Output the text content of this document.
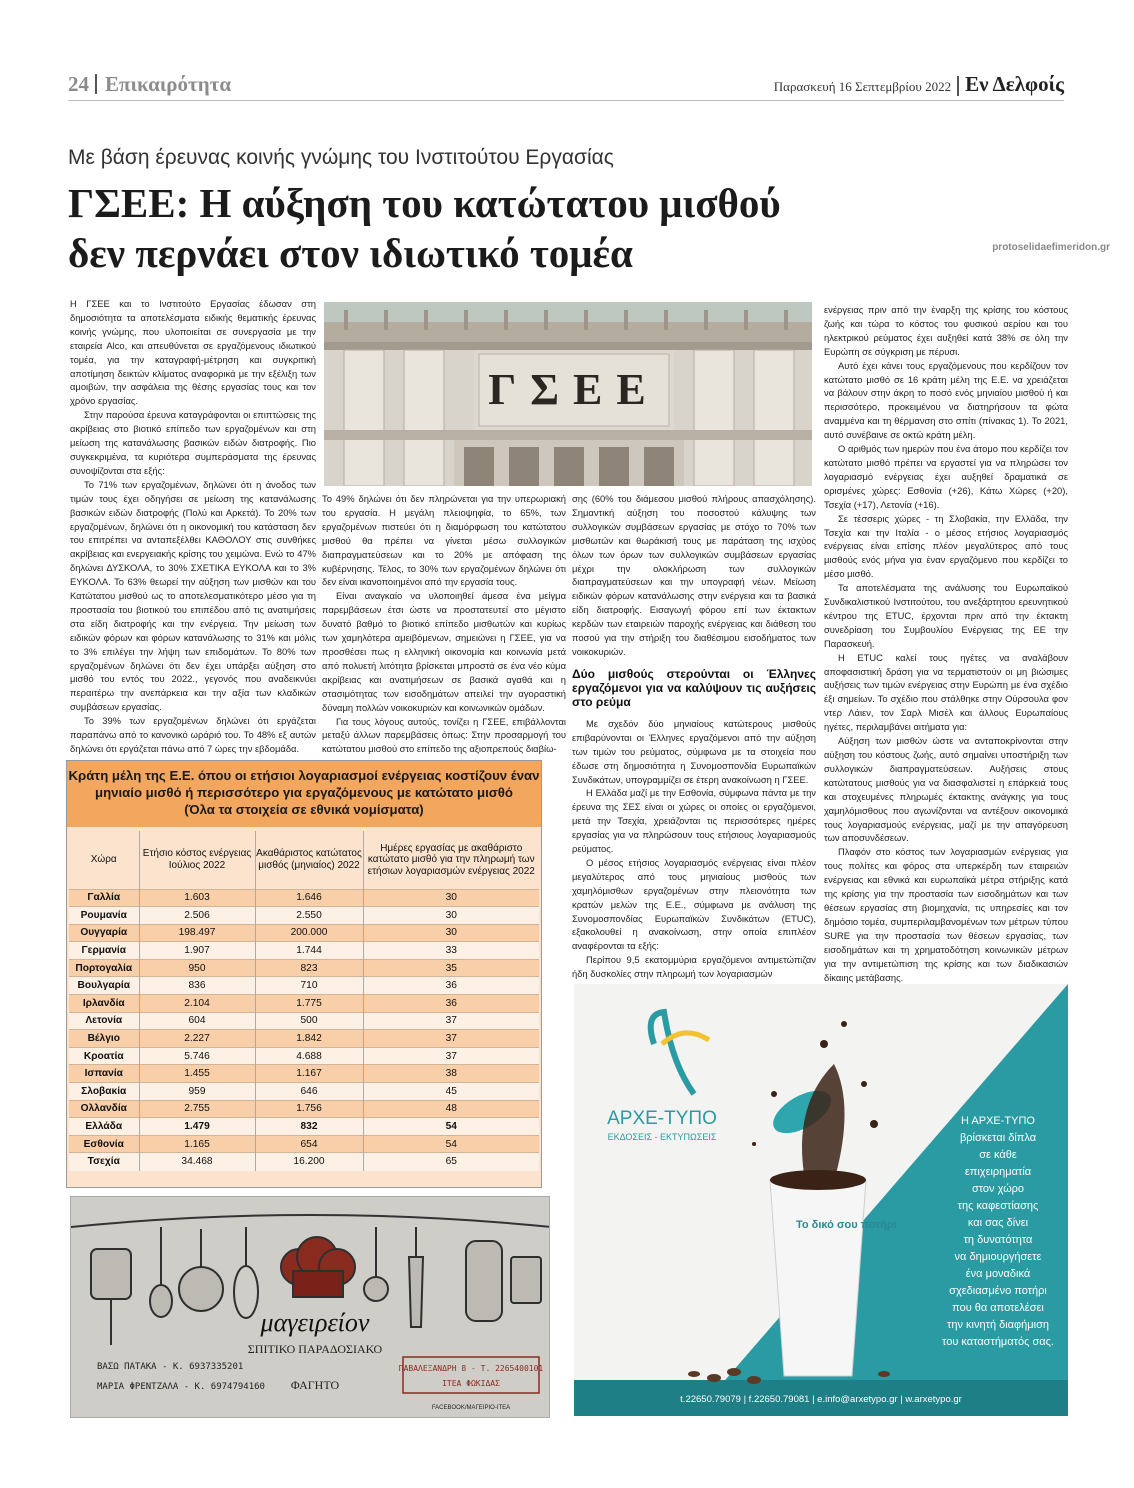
24 Επικαιρότητα	Παρασκευή 16 Σεπτεμβρίου 2022 Εν Δελφοίς
Με βάση έρευνας κοινής γνώμης του Ινστιτούτου Εργασίας
ΓΣΕΕ: Η αύξηση του κατώτατου μισθού
δεν περνάει στον ιδιωτικό τομέα	protoselidaefimeridon.gr

Η ΓΣΕΕ και το Ινστιτούτο Εργασίας έδωσαν στη δημοσιότητα τα αποτελέσματα ειδικής θεματικής έρευνας κοινής γνώμης, που υλοποιείται σε συνεργασία με την εταιρεία Alco, και απευθύνεται σε εργαζόμενους ιδιωτικού τομέα, για την καταγραφή-μέτρηση και συγκριτική αποτίμηση δεικτών κλίματος αναφορικά με την εξέλιξη των αμοιβών, την ασφάλεια της θέσης εργασίας τους και τον χρόνο εργασίας.

Στην παρούσα έρευνα καταγράφονται οι επιπτώσεις της ακρίβειας στο βιοτικό επίπεδο των εργαζομένων και στη μείωση της κατανάλωσης βασικών ειδών διατροφής. Πιο συγκεκριμένα, τα κυριότερα συμπεράσματα της έρευνας συνοψίζονται στα εξής:

Το 71% των εργαζομένων, δηλώνει ότι η άνοδος των τιμών τους έχει οδηγήσει σε μείωση της κατανάλωσης βασικών ειδών διατροφής (Πολύ και Αρκετά). Το 20% των εργαζομένων, δηλώνει ότι η οικονομική του κατάσταση δεν του επιτρέπει να ανταπεξέλθει ΚΑΘΟΛΟΥ στις συνθήκες ακρίβειας και ενεργειακής κρίσης του χειμώνα. Ενώ το 47% δηλώνει ΔΥΣΚΟΛΑ, το 30% ΣΧΕΤΙΚΑ ΕΥΚΟΛΑ και το 3% ΕΥΚΟΛΑ. Το 63% θεωρεί την αύξηση των μισθών και του Κατώτατου μισθού ως το αποτελεσματικότερο μέσο για τη προστασία του βιοτικού του επιπέδου από τις ανατιμήσεις στα είδη διατροφής και την ενέργεια. Την μείωση των ειδικών φόρων και φόρων κατανάλωσης το 31% και μόλις το 3% επιλέγει την λήψη των επιδομάτων. Το 80% των εργαζομένων δηλώνει ότι δεν έχει υπάρξει αύξηση στο μισθό του εντός του 2022., γεγονός που αναδεικνύει περαιτέρω την ανεπάρκεια και την αξία των κλαδικών συμβάσεων εργασίας.

Το 39% των εργαζομένων δηλώνει ότι εργάζεται παραπάνω από το κανονικό ωράριό του. Το 48% εξ αυτών δηλώνει ότι εργάζεται πάνω από 7 ώρες την εβδομάδα.

ΓΣΕΕ

Το 49% δηλώνει ότι δεν πληρώνεται για την υπερωριακή του εργασία. Η μεγάλη πλειοψηφία, το 65%, των εργαζομένων πιστεύει ότι η διαμόρφωση του κατώτατου μισθού θα πρέπει να γίνεται μέσω συλλογικών διαπραγματεύσεων και το 20% με απόφαση της κυβέρνησης. Τέλος, το 30% των εργαζομένων δηλώνει ότι δεν είναι ικανοποιημένοι από την εργασία τους.

Είναι αναγκαίο να υλοποιηθεί άμεσα ένα μείγμα παρεμβάσεων έτσι ώστε να προστατευτεί στο μέγιστο δυνατό βαθμό το βιοτικό επίπεδο μισθωτών και κυρίως των χαμηλότερα αμειβόμενων, σημειώνει η ΓΣΕΕ, για να προσθέσει πως η ελληνική οικονομία και κοινωνία μετά από πολυετή λιτότητα βρίσκεται μπροστά σε ένα νέο κύμα ακρίβειας και ανατιμήσεων σε βασικά αγαθά και η στασιμότητας των εισοδημάτων απειλεί την αγοραστική δύναμη πολλών νοικοκυριών και κοινωνικών ομάδων.

Για τους λόγους αυτούς, τονίζει η ΓΣΕΕ, επιβάλλονται μεταξύ άλλων παρεμβάσεις όπως: Στην προσαρμογή του κατώτατου μισθού στο επίπεδο της αξιοπρεπούς διαβίω-

σης (60% του διάμεσου μισθού πλήρους απασχόλησης). Σημαντική αύξηση του ποσοστού κάλυψης των συλλογικών συμβάσεων εργασίας με στόχο το 70% των μισθωτών και θωράκισή τους με παράταση της ισχύος όλων των όρων των συλλογικών συμβάσεων εργασίας μέχρι την ολοκλήρωση των συλλογικών διαπραγματεύσεων και την υπογραφή νέων. Μείωση ειδικών φόρων κατανάλωσης στην ενέργεια και τα βασικά είδη διατροφής. Εισαγωγή φόρου επί των έκτακτων κερδών των εταιρειών παροχής ενέργειας και διάθεση του ποσού για την στήριξη του διαθέσιμου εισοδήματος των νοικοκυριών.

Δύο μισθούς στερούνται οι Έλληνες εργαζόμενοι για να καλύψουν τις αυξήσεις στο ρεύμα

Με σχεδόν δύο μηνιαίους κατώτερους μισθούς επιβαρύνονται οι Έλληνες εργαζόμενοι από την αύξηση των τιμών του ρεύματος, σύμφωνα με τα στοιχεία που έδωσε στη δημοσιότητα η Συνομοσπονδία Ευρωπαϊκών Συνδικάτων, υπογραμμίζει σε έτερη ανακοίνωση η ΓΣΕΕ.

Η Ελλάδα μαζί με την Εσθονία, σύμφωνα πάντα με την έρευνα της ΣΕΣ είναι οι χώρες οι οποίες οι εργαζόμενοι, μετά την Τσεχία, χρειάζονται τις περισσότερες ημέρες εργασίας για να πληρώσουν τους ετήσιους λογαριασμούς ρεύματος.

Ο μέσος ετήσιος λογαριασμός ενέργειας είναι πλέον μεγαλύτερος από τους μηνιαίους μισθούς των χαμηλόμισθων εργαζομένων στην πλειονότητα των κρατών μελών της Ε.Ε., σύμφωνα με ανάλυση της Συνομοσπονδίας Ευρωπαϊκών Συνδικάτων (ETUC), εξακολουθεί η ανακοίνωση, στην οποία επιπλέον αναφέρονται τα εξής:

Περίπου 9,5 εκατομμύρια εργαζόμενοι αντιμετώπιζαν ήδη δυσκολίες στην πληρωμή των λογαριασμών

ενέργειας πριν από την έναρξη της κρίσης του κόστους ζωής και τώρα το κόστος του φυσικού αερίου και του ηλεκτρικού ρεύματος έχει αυξηθεί κατά 38% σε όλη την Ευρώπη σε σύγκριση με πέρυσι.

Αυτό έχει κάνει τους εργαζόμενους που κερδίζουν τον κατώτατο μισθό σε 16 κράτη μέλη της Ε.Ε. να χρειάζεται να βάλουν στην άκρη το ποσό ενός μηνιαίου μισθού ή και περισσότερο, προκειμένου να διατηρήσουν τα φώτα αναμμένα και τη θέρμανση στο σπίτι (πίνακας 1). Το 2021, αυτό συνέβαινε σε οκτώ κράτη μέλη.

Ο αριθμός των ημερών που ένα άτομο που κερδίζει τον κατώτατο μισθό πρέπει να εργαστεί για να πληρώσει τον λογαριασμό ενέργειας έχει αυξηθεί δραματικά σε ορισμένες χώρες: Εσθονία (+26), Κάτω Χώρες (+20), Τσεχία (+17), Λετονία (+16).

Σε τέσσερις χώρες - τη Σλοβακία, την Ελλάδα, την Τσεχία και την Ιταλία - ο μέσος ετήσιος λογαριασμός ενέργειας είναι επίσης πλέον μεγαλύτερος από τους μισθούς ενός μήνα για έναν εργαζόμενο που κερδίζει το μέσο μισθό.

Τα αποτελέσματα της ανάλυσης του Ευρωπαϊκού Συνδικαλιστικού Ινστιτούτου, του ανεξάρτητου ερευνητικού κέντρου της ETUC, έρχονται πριν από την έκτακτη συνεδρίαση του Συμβουλίου Ενέργειας της ΕΕ την Παρασκευή.

Η ETUC καλεί τους ηγέτες να αναλάβουν αποφασιστική δράση για να τερματιστούν οι μη βιώσιμες αυξήσεις των τιμών ενέργειας στην Ευρώπη με ένα σχέδιο έξι σημείων. Το σχέδιο που στάλθηκε στην Ούρσουλα φον ντερ Λάιεν, τον Σαρλ Μισέλ και άλλους Ευρωπαίους ηγέτες, περιλαμβάνει αιτήματα για:

Αύξηση των μισθών ώστε να ανταποκρίνονται στην αύξηση του κόστους ζωής, αυτό σημαίνει υποστήριξη των συλλογικών διαπραγματεύσεων. Αυξήσεις στους κατώτατους μισθούς για να διασφαλιστεί η επάρκειά τους και στοχευμένες πληρωμές έκτακτης ανάγκης για τους χαμηλόμισθους που αγωνίζονται να αντέξουν οικονομικά τους λογαριασμούς ενέργειας, μαζί με την απαγόρευση των αποσυνδέσεων.

Πλαφόν στο κόστος των λογαριασμών ενέργειας για τους πολίτες και φόρος στα υπερκέρδη των εταιρειών ενέργειας και εθνικά και ευρωπαϊκά μέτρα στήριξης κατά της κρίσης για την προστασία των εισοδημάτων και των θέσεων εργασίας στη βιομηχανία, τις υπηρεσίες και τον δημόσιο τομέα, συμπεριλαμβανομένων των μέτρων τύπου SURE για την προστασία των θέσεων εργασίας, των εισοδημάτων και τη χρηματοδότηση κοινωνικών μέτρων για την αντιμετώπιση της κρίσης και των διαδικασιών δίκαιης μετάβασης.

Κράτη μέλη της Ε.Ε. όπου οι ετήσιοι λογαριασμοί ενέργειας κοστίζουν έναν
μηνιαίο μισθό ή περισσότερο για εργαζόμενους με κατώτατο μισθό
(Όλα τα στοιχεία σε εθνικά νομίσματα)
Χώρα	Ετήσιο κόστος ενέργειας Ιούλιος 2022	Ακαθάριστος κατώτατος μισθός (μηνιαίος) 2022	Ημέρες εργασίας με ακαθάριστο κατώτατο μισθό για την πληρωμή των ετήσιων λογαριασμών ενέργειας 2022
Γαλλία	1.603	1.646	30
Ρουμανία	2.506	2.550	30
Ουγγαρία	198.497	200.000	30
Γερμανία	1.907	1.744	33
Πορτογαλία	950	823	35
Βουλγαρία	836	710	36
Ιρλανδία	2.104	1.775	36
Λετονία	604	500	37
Βέλγιο	2.227	1.842	37
Κροατία	5.746	4.688	37
Ισπανία	1.455	1.167	38
Σλοβακία	959	646	45
Ολλανδία	2.755	1.756	48
Ελλάδα	1.479	832	54
Εσθονία	1.165	654	54
Τσεχία	34.468	16.200	65
μαγειρείον
ΣΠΙΤΙΚΟ ΠΑΡΑΔΟΣΙΑΚΟ
ΦΑΓΗΤΟ
ΒΑΣΩ ΠΑΤΑΚΑ - Κ. 6937335201
ΜΑΡΙΑ ΦΡΕΝΤΖΑΛΑ - Κ. 6974794160
ΠΑΒΑΛΕΞΑΝΔΡΗ 8 - Τ. 2265400101
ΙΤΕΑ ΦΩΚΙΔΑΣ
FACEBOOK/ΜΑΓΕΙΡΙΟ-ΙΤΕΑ
ΑΡΧΕ-ΤΥΠΟ
ΕΚΔΟΣΕΙΣ - ΕΚΤΥΠΩΣΕΙΣ
Το δικό σου ποτήρι
Η ΑΡΧΕ-ΤΥΠΟ
βρίσκεται δίπλα
σε κάθε
επιχειρηματία
στον χώρο
της καφεστίασης
και σας δίνει
τη δυνατότητα
να δημιουργήσετε
ένα μοναδικά
σχεδιασμένο ποτήρι
που θα αποτελέσει
την κινητή διαφήμιση
του καταστήματός σας.
t.22650.79079 | f.22650.79081 | e.info@arxetypo.gr | w.arxetypo.gr
